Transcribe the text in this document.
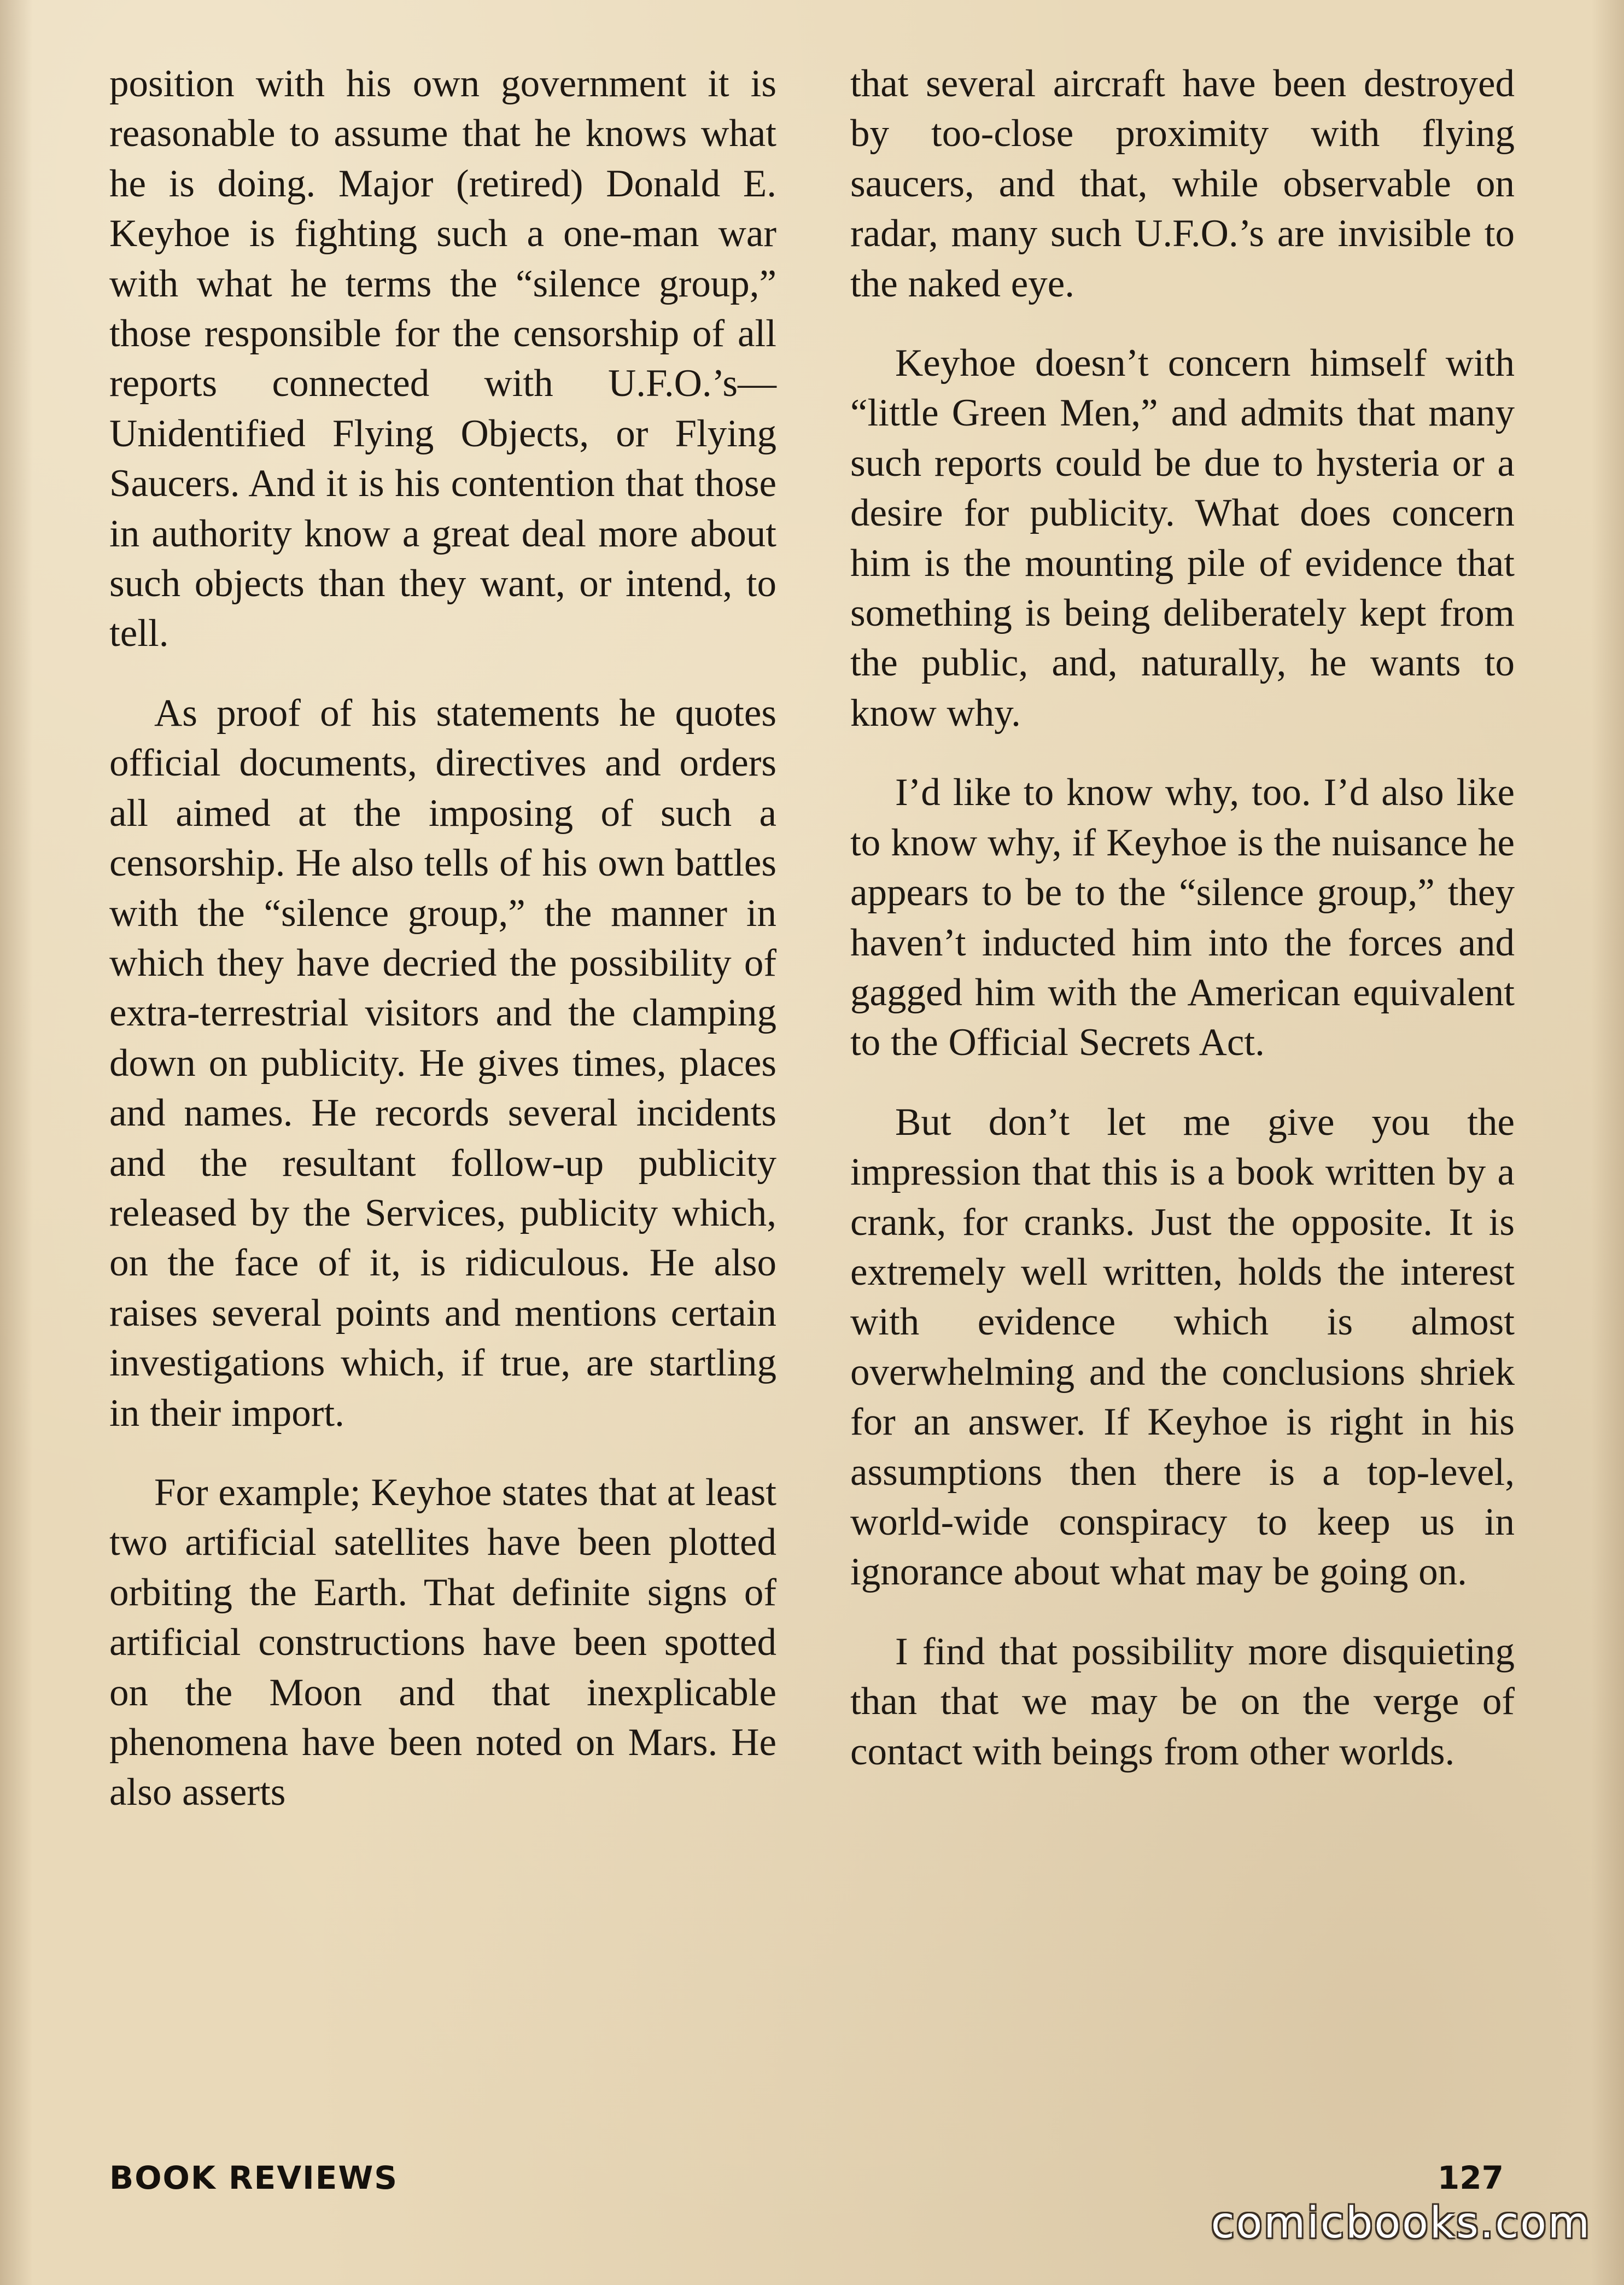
position with his own government it is reasonable to assume that he knows what he is doing. Major (retired) Donald E. Keyhoe is fighting such a one-man war with what he terms the “silence group,” those responsible for the censorship of all reports connected with U.F.O.’s—Unidentified Flying Objects, or Flying Saucers. And it is his contention that those in authority know a great deal more about such objects than they want, or intend, to tell.

As proof of his statements he quotes official documents, directives and orders all aimed at the imposing of such a censorship. He also tells of his own battles with the “silence group,” the manner in which they have decried the possibility of extra-terrestrial visitors and the clamping down on publicity. He gives times, places and names. He records several incidents and the resultant follow-up publicity released by the Services, publicity which, on the face of it, is ridiculous. He also raises several points and mentions certain investigations which, if true, are startling in their import.

For example; Keyhoe states that at least two artificial satellites have been plotted orbiting the Earth. That definite signs of artificial constructions have been spotted on the Moon and that inexplicable phenomena have been noted on Mars. He also asserts

that several aircraft have been destroyed by too-close proximity with flying saucers, and that, while observable on radar, many such U.F.O.’s are invisible to the naked eye.

Keyhoe doesn’t concern himself with “little Green Men,” and admits that many such reports could be due to hysteria or a desire for publicity. What does concern him is the mounting pile of evidence that something is being deliberately kept from the public, and, naturally, he wants to know why.

I’d like to know why, too. I’d also like to know why, if Keyhoe is the nuisance he appears to be to the “silence group,” they haven’t inducted him into the forces and gagged him with the American equivalent to the Official Secrets Act.

But don’t let me give you the impression that this is a book written by a crank, for cranks. Just the opposite. It is extremely well written, holds the interest with evidence which is almost overwhelming and the conclusions shriek for an answer. If Keyhoe is right in his assumptions then there is a top-level, world-wide conspiracy to keep us in ignorance about what may be going on.

I find that possibility more disquieting than that we may be on the verge of contact with beings from other worlds.

BOOK REVIEWS	127
comicbooks.com
